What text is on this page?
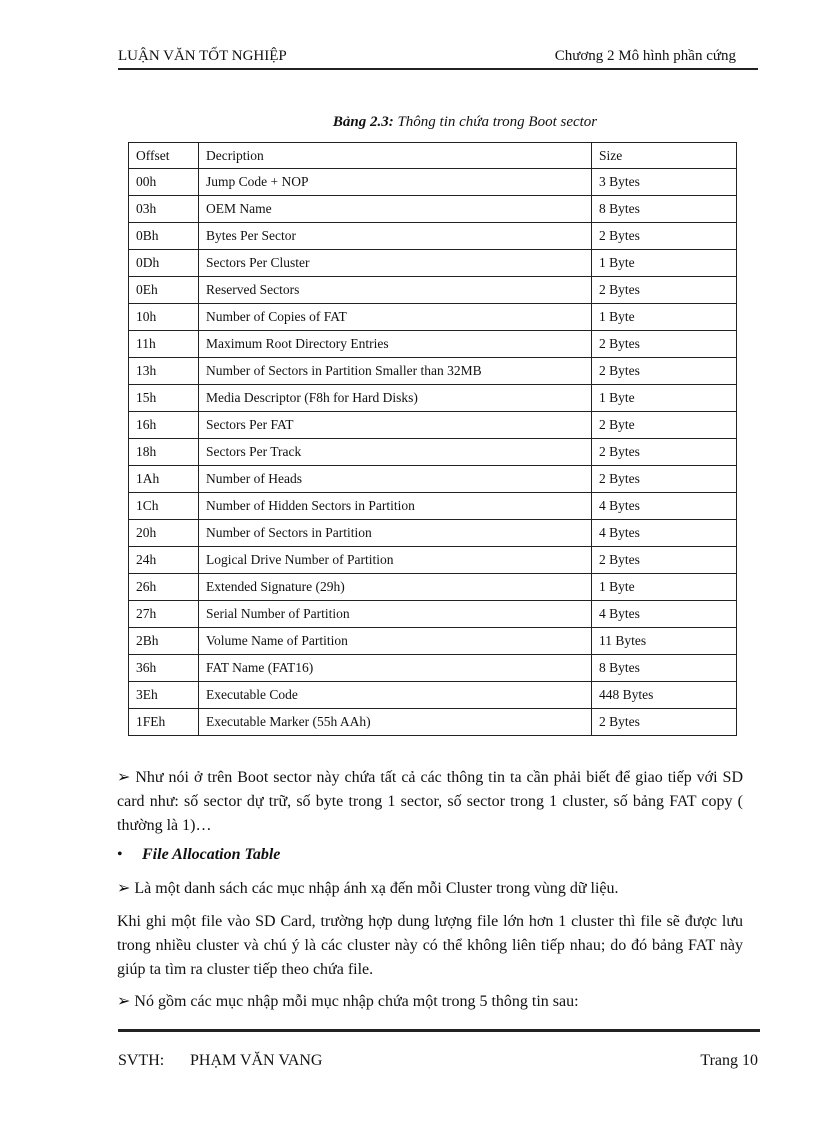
LUẬN VĂN TỐT NGHIỆP	Chương 2 Mô hình phần cứng
Bảng 2.3: Thông tin chứa trong Boot sector
Offset	Decription	Size
00h	Jump Code + NOP	3 Bytes
03h	OEM Name	8 Bytes
0Bh	Bytes Per Sector	2 Bytes
0Dh	Sectors Per Cluster	1 Byte
0Eh	Reserved Sectors	2 Bytes
10h	Number of Copies of FAT	1 Byte
11h	Maximum Root Directory Entries	2 Bytes
13h	Number of Sectors in Partition Smaller than 32MB	2 Bytes
15h	Media Descriptor (F8h for Hard Disks)	1 Byte
16h	Sectors Per FAT	2 Byte
18h	Sectors Per Track	2 Bytes
1Ah	Number of Heads	2 Bytes
1Ch	Number of Hidden Sectors in Partition	4 Bytes
20h	Number of Sectors in Partition	4 Bytes
24h	Logical Drive Number of Partition	2 Bytes
26h	Extended Signature (29h)	1 Byte
27h	Serial Number of Partition	4 Bytes
2Bh	Volume Name of Partition	11 Bytes
36h	FAT Name (FAT16)	8 Bytes
3Eh	Executable Code	448 Bytes
1FEh	Executable Marker (55h AAh)	2 Bytes
➢ Như nói ở trên Boot sector này chứa tất cả các thông tin ta cần phải biết để giao tiếp với SD card như: số sector dự trữ, số byte trong 1 sector, số sector trong 1 cluster, số bảng FAT copy ( thường là 1)…
• File Allocation Table
➢ Là một danh sách các mục nhập ánh xạ đến mỗi Cluster trong vùng dữ liệu.
Khi ghi một file vào SD Card, trường hợp dung lượng file lớn hơn 1 cluster thì file sẽ được lưu trong nhiều cluster và chú ý là các cluster này có thể không liên tiếp nhau; do đó bảng FAT này giúp ta tìm ra cluster tiếp theo chứa file.
➢ Nó gồm các mục nhập mỗi mục nhập chứa một trong 5 thông tin sau:
SVTH: PHẠM VĂN VANG	Trang 10
